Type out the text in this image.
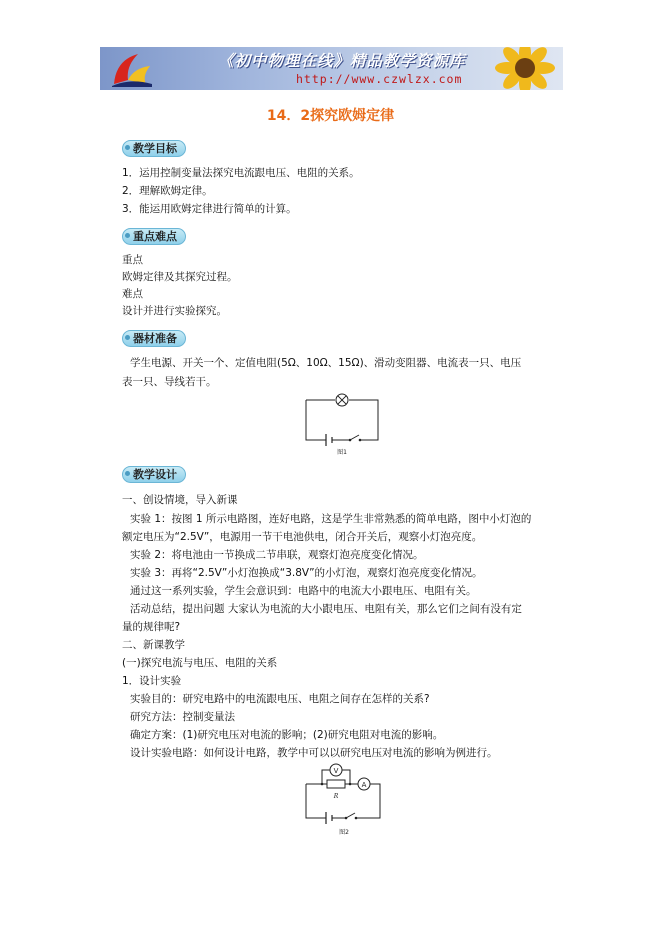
《初中物理在线》精品教学资源库
http://www.czwlzx.com
14．2探究欧姆定律
教学目标
1．运用控制变量法探究电流跟电压、电阻的关系。
2．理解欧姆定律。
3．能运用欧姆定律进行简单的计算。
重点难点
重点
欧姆定律及其探究过程。
难点
设计并进行实验探究。
器材准备
学生电源、开关一个、定值电阻(5Ω、10Ω、15Ω)、滑动变阻器、电流表一只、电压
表一只、导线若干。
图1
教学设计
一、创设情境，导入新课
实验 1：按图 1 所示电路图，连好电路，这是学生非常熟悉的简单电路，图中小灯泡的
额定电压为“2.5V”，电源用一节干电池供电，闭合开关后，观察小灯泡亮度。
实验 2：将电池由一节换成二节串联，观察灯泡亮度变化情况。
实验 3：再将“2.5V”小灯泡换成“3.8V”的小灯泡，观察灯泡亮度变化情况。
通过这一系列实验，学生会意识到：电路中的电流大小跟电压、电阻有关。
活动总结，提出问题 大家认为电流的大小跟电压、电阻有关，那么它们之间有没有定
量的规律呢?
二、新课教学
(一)探究电流与电压、电阻的关系
1．设计实验
实验目的：研究电路中的电流跟电压、电阻之间存在怎样的关系?
研究方法：控制变量法
确定方案：(1)研究电压对电流的影响；(2)研究电阻对电流的影响。
设计实验电路：如何设计电路，教学中可以以研究电压对电流的影响为例进行。
V
A
R
图2
